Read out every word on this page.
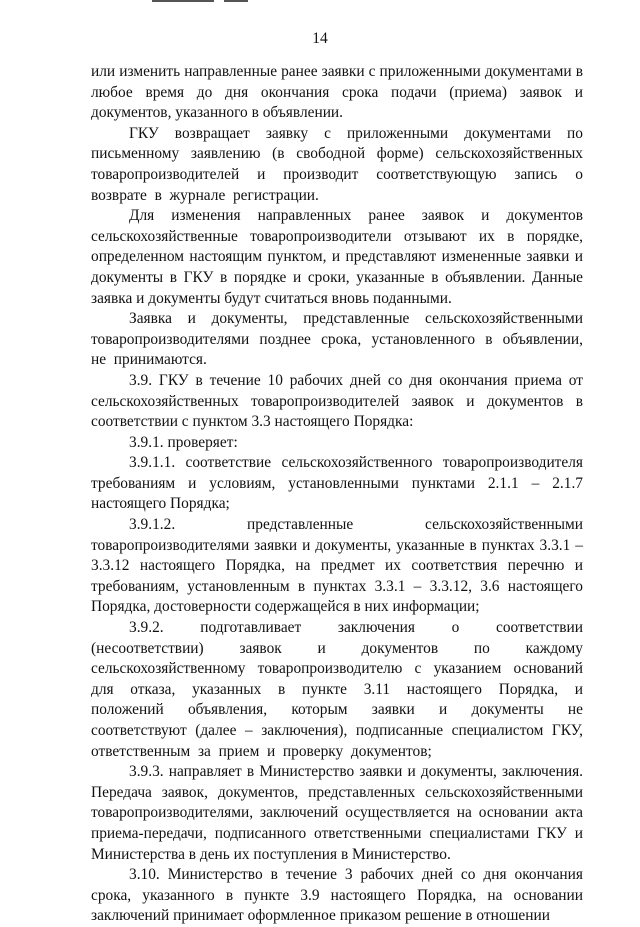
14

или изменить направленные ранее заявки с приложенными документами в любое время до дня окончания срока подачи (приема) заявок и документов, указанного в объявлении.

ГКУ возвращает заявку с приложенными документами по письменному заявлению (в свободной форме) сельскохозяйственных товаропроизводителей и производит соответствующую запись о возврате в журнале регистрации.

Для изменения направленных ранее заявок и документов сельскохозяйственные товаропроизводители отзывают их в порядке, определенном настоящим пунктом, и представляют измененные заявки и документы в ГКУ в порядке и сроки, указанные в объявлении. Данные заявка и документы будут считаться вновь поданными.

Заявка и документы, представленные сельскохозяйственными товаропроизводителями позднее срока, установленного в объявлении, не принимаются.

3.9. ГКУ в течение 10 рабочих дней со дня окончания приема от сельскохозяйственных товаропроизводителей заявок и документов в соответствии с пунктом 3.3 настоящего Порядка:

3.9.1. проверяет:

3.9.1.1. соответствие сельскохозяйственного товаропроизводителя требованиям и условиям, установленными пунктами 2.1.1 – 2.1.7 настоящего Порядка;

3.9.1.2. представленные сельскохозяйственными товаропроизводителями заявки и документы, указанные в пунктах 3.3.1 – 3.3.12 настоящего Порядка, на предмет их соответствия перечню и требованиям, установленным в пунктах 3.3.1 – 3.3.12, 3.6 настоящего Порядка, достоверности содержащейся в них информации;

3.9.2. подготавливает заключения о соответствии (несоответствии) заявок и документов по каждому сельскохозяйственному товаропроизводителю с указанием оснований для отказа, указанных в пункте 3.11 настоящего Порядка, и положений объявления, которым заявки и документы не соответствуют (далее – заключения), подписанные специалистом ГКУ, ответственным за прием и проверку документов;

3.9.3. направляет в Министерство заявки и документы, заключения. Передача заявок, документов, представленных сельскохозяйственными товаропроизводителями, заключений осуществляется на основании акта приема-передачи, подписанного ответственными специалистами ГКУ и Министерства в день их поступления в Министерство.

3.10. Министерство в течение 3 рабочих дней со дня окончания срока, указанного в пункте 3.9 настоящего Порядка, на основании заключений принимает оформленное приказом решение в отношении
